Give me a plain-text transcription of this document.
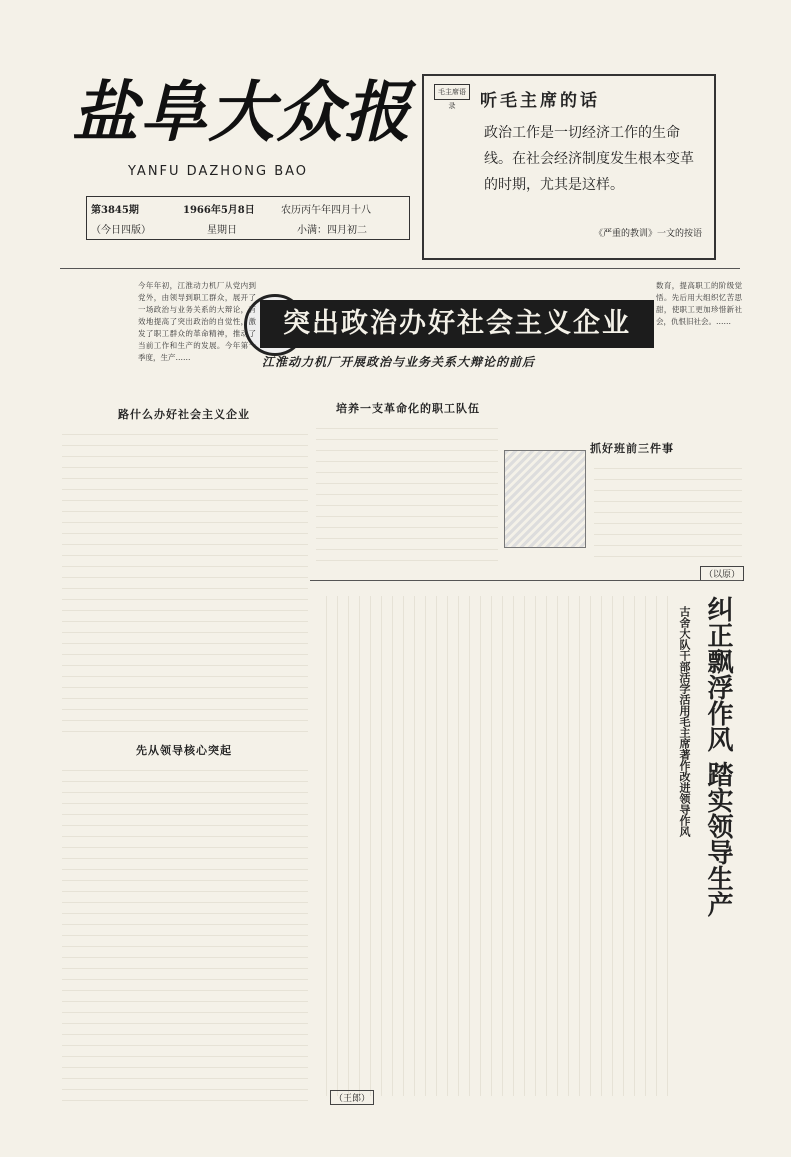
盐阜大众报
YANFU DAZHONG BAO
第3845期	1966年5月8日	农历丙午年四月十八
（今日四版）	星期日	小满：四月初二
毛主席语录	听毛主席的话
政治工作是一切经济工作的生命线。在社会经济制度发生根本变革的时期，尤其是这样。
《严重的教训》一文的按语
突出政治办好社会主义企业
江淮动力机厂开展政治与业务关系大辩论的前后
今年年初，江淮动力机厂从党内到党外，由领导到职工群众，展开了一场政治与业务关系的大辩论，有效地提高了突出政治的自觉性，激发了职工群众的革命精神，推动了当前工作和生产的发展。今年第一季度，生产……
数育，提高职工的阶级觉悟。先后用大组织忆苦思甜，使职工更加珍惜新社会，仇恨旧社会。……
路什么办好社会主义企业
先从领导核心突起
培养一支革命化的职工队伍
抓好班前三件事
（以原）
纠正飘浮作风 踏实领导生产
古舍大队干部活学活用毛主席著作改进领导作风
（王郎）
